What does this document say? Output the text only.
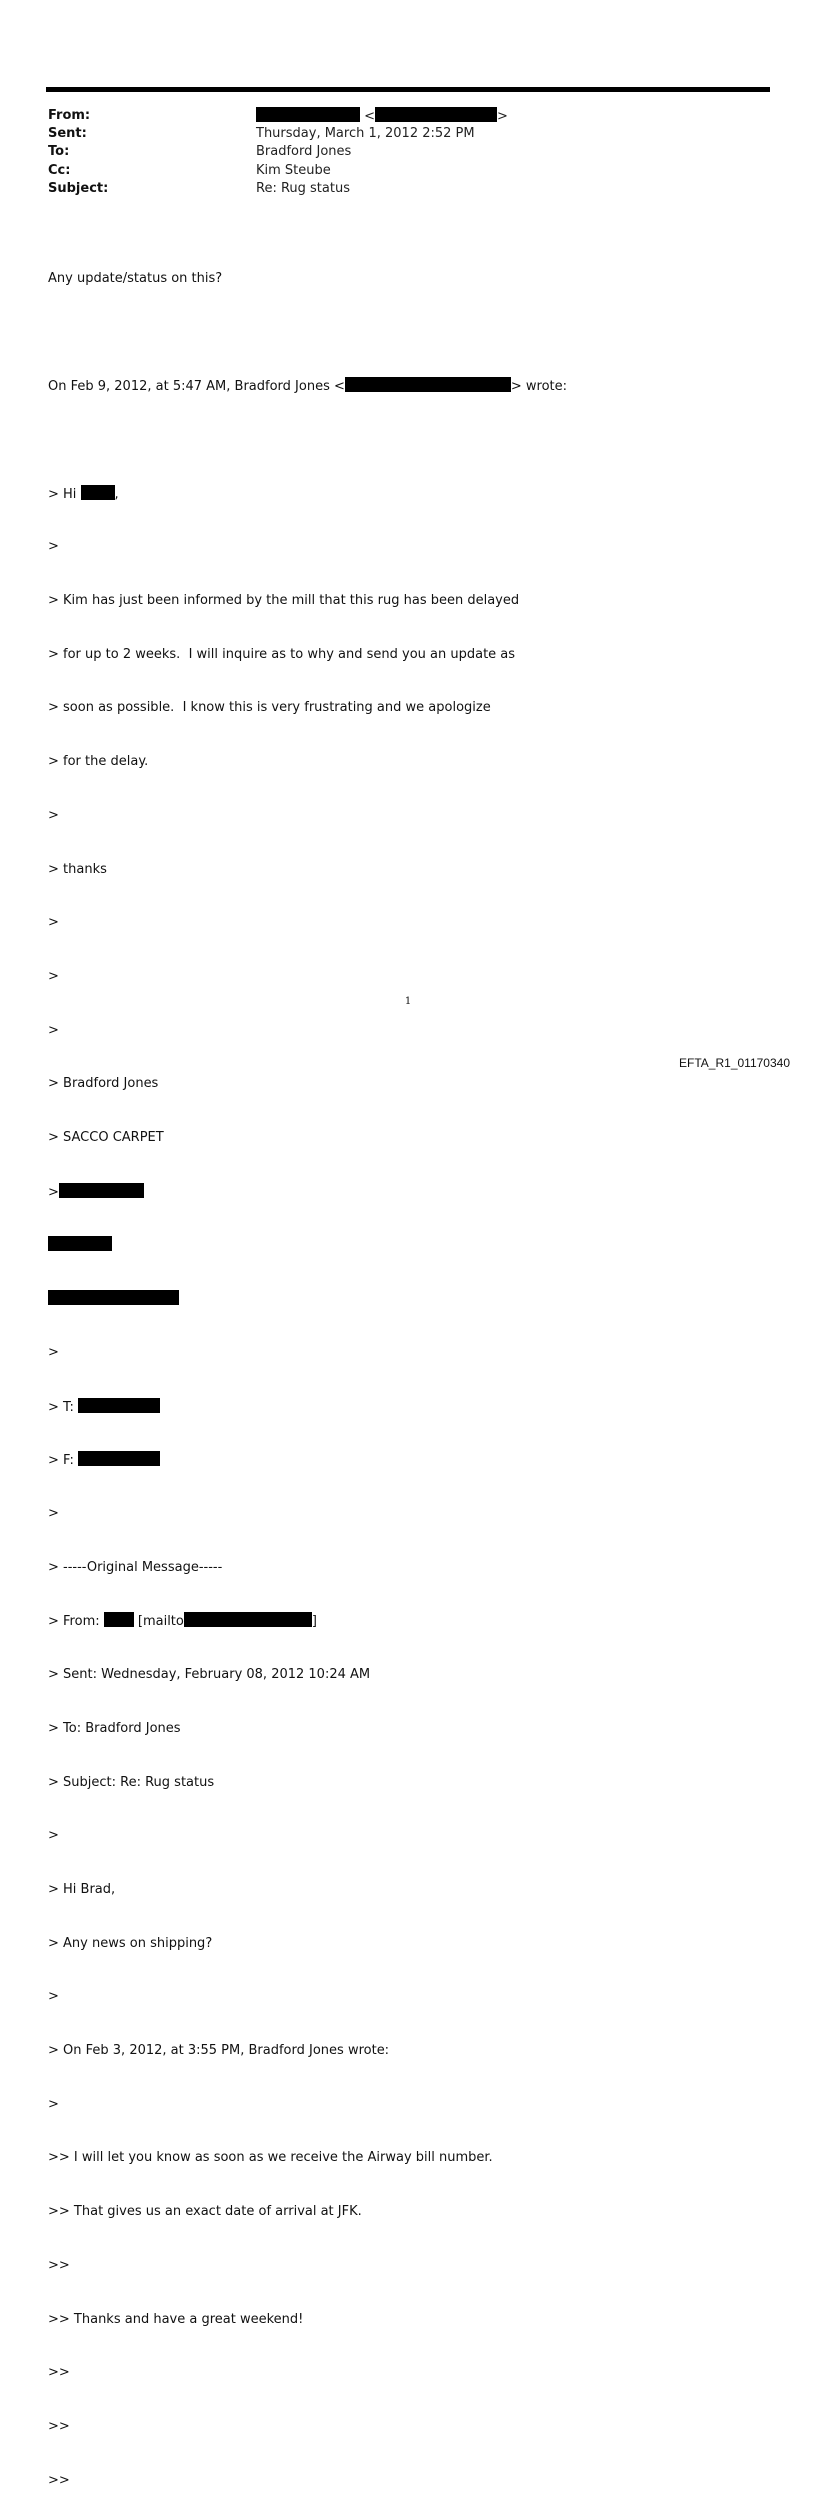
From:	<	>
Sent:	Thursday, March 1, 2012 2:52 PM
To:	Bradford Jones
Cc:	Kim Steube
Subject:	Re: Rug status

Any update/status on this?

On Feb 9, 2012, at 5:47 AM, Bradford Jones <	> wrote:

> Hi	,

>

> Kim has just been informed by the mill that this rug has been delayed

> for up to 2 weeks.  I will inquire as to why and send you an update as

> soon as possible.  I know this is very frustrating and we apologize

> for the delay.

>

> thanks

>

>

>

> Bradford Jones

> SACCO CARPET

>

>

> T:

> F:

>

> -----Original Message-----

> From:  [mailto	]

> Sent: Wednesday, February 08, 2012 10:24 AM

> To: Bradford Jones

> Subject: Re: Rug status

>

> Hi Brad,

> Any news on shipping?

>

> On Feb 3, 2012, at 3:55 PM, Bradford Jones wrote:

>

>> I will let you know as soon as we receive the Airway bill number.

>> That gives us an exact date of arrival at JFK.

>>

>> Thanks and have a great weekend!

>>

>>

>>

1
EFTA_R1_01170340
